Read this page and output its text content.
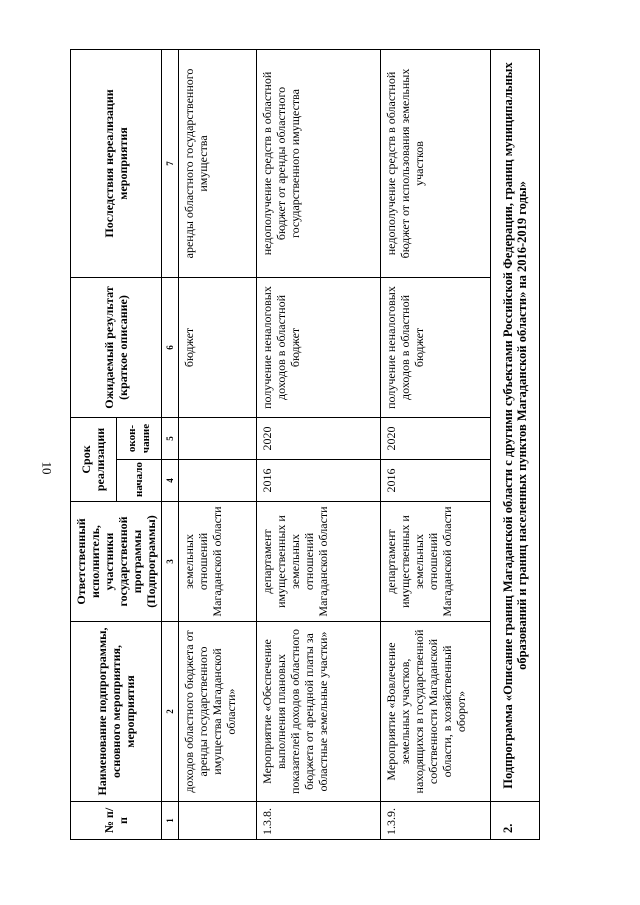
10
№ п/п	Наименование подпрограммы, основного мероприятия, мероприятия	Ответственный исполнитель, участники государственной программы (Подпрограммы)	Срок реализации		Ожидаемый результат (краткое описание)	Последствия нереализации мероприятия
			начало	окон-чание		
1	2	3	4	5	6	7
	доходов областного бюджета от аренды государственного имущества Магаданской области»	земельных отношений Магаданской области			бюджет	аренды областного государственного имущества
1.3.8.	Мероприятие «Обеспечение выполнения плановых показателей доходов областного бюджета от арендной платы за областные земельные участки»	департамент имущественных и земельных отношений Магаданской области	2016	2020	получение неналоговых доходов в областной бюджет	недополучение средств в областной бюджет от аренды областного государственного имущества
1.3.9.	Мероприятие «Вовлечение земельных участков, находящихся в государственной собственности Магаданской области, в хозяйственный оборот»	департамент имущественных и земельных отношений Магаданской области	2016	2020	получение неналоговых доходов в областной бюджет	недополучение средств в областной бюджет от использования земельных участков
2.	Подпрограмма «Описание границ Магаданской области с другими субъектами Российской Федерации, границ муниципальных образований и границ населенных пунктов Магаданской области» на 2016-2019 годы»					
